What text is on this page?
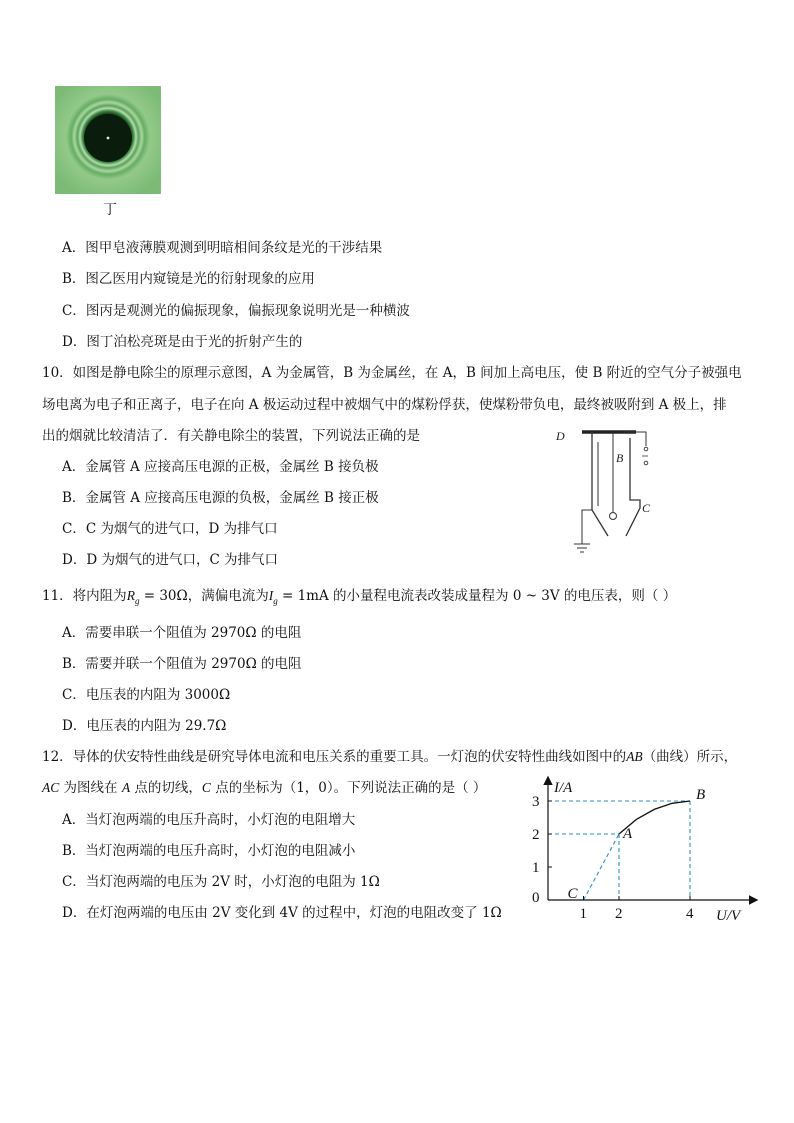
丁
A．图甲皂液薄膜观测到明暗相间条纹是光的干涉结果
B．图乙医用内窥镜是光的衍射现象的应用
C．图丙是观测光的偏振现象，偏振现象说明光是一种横波
D．图丁泊松亮斑是由于光的折射产生的
10．如图是静电除尘的原理示意图，A 为金属管，B 为金属丝，在 A，B 间加上高电压，使 B 附近的空气分子被强电
场电离为电子和正离子，电子在向 A 极运动过程中被烟气中的煤粉俘获，使煤粉带负电，最终被吸附到 A 极上，排
出的烟就比较清洁了．有关静电除尘的装置，下列说法正确的是
A．金属管 A 应接高压电源的正极，金属丝 B 接负极
B．金属管 A 应接高压电源的负极，金属丝 B 接正极
C．C 为烟气的进气口，D 为排气口
D．D 为烟气的进气口，C 为排气口
D
B
C
11．将内阻为$R_g = 30\Omega$，满偏电流为$I_g = 1mA$ 的小量程电流表改装成量程为 0 ~ 3V 的电压表，则（ ）
A．需要串联一个阻值为 2970Ω 的电阻
B．需要并联一个阻值为 2970Ω 的电阻
C．电压表的内阻为 3000Ω
D．电压表的内阻为 29.7Ω
12．导体的伏安特性曲线是研究导体电流和电压关系的重要工具。一灯泡的伏安特性曲线如图中的AB（曲线）所示，
AC 为图线在 A 点的切线，C 点的坐标为（1，0）。下列说法正确的是（ ）
A．当灯泡两端的电压升高时，小灯泡的电阻增大
B．当灯泡两端的电压升高时，小灯泡的电阻减小
C．当灯泡两端的电压为 2V 时，小灯泡的电阻为 1Ω
D．在灯泡两端的电压由 2V 变化到 4V 的过程中，灯泡的电阻改变了 1Ω	1 2	4
0
1
2
3
A
B
C
I/A
U/V
